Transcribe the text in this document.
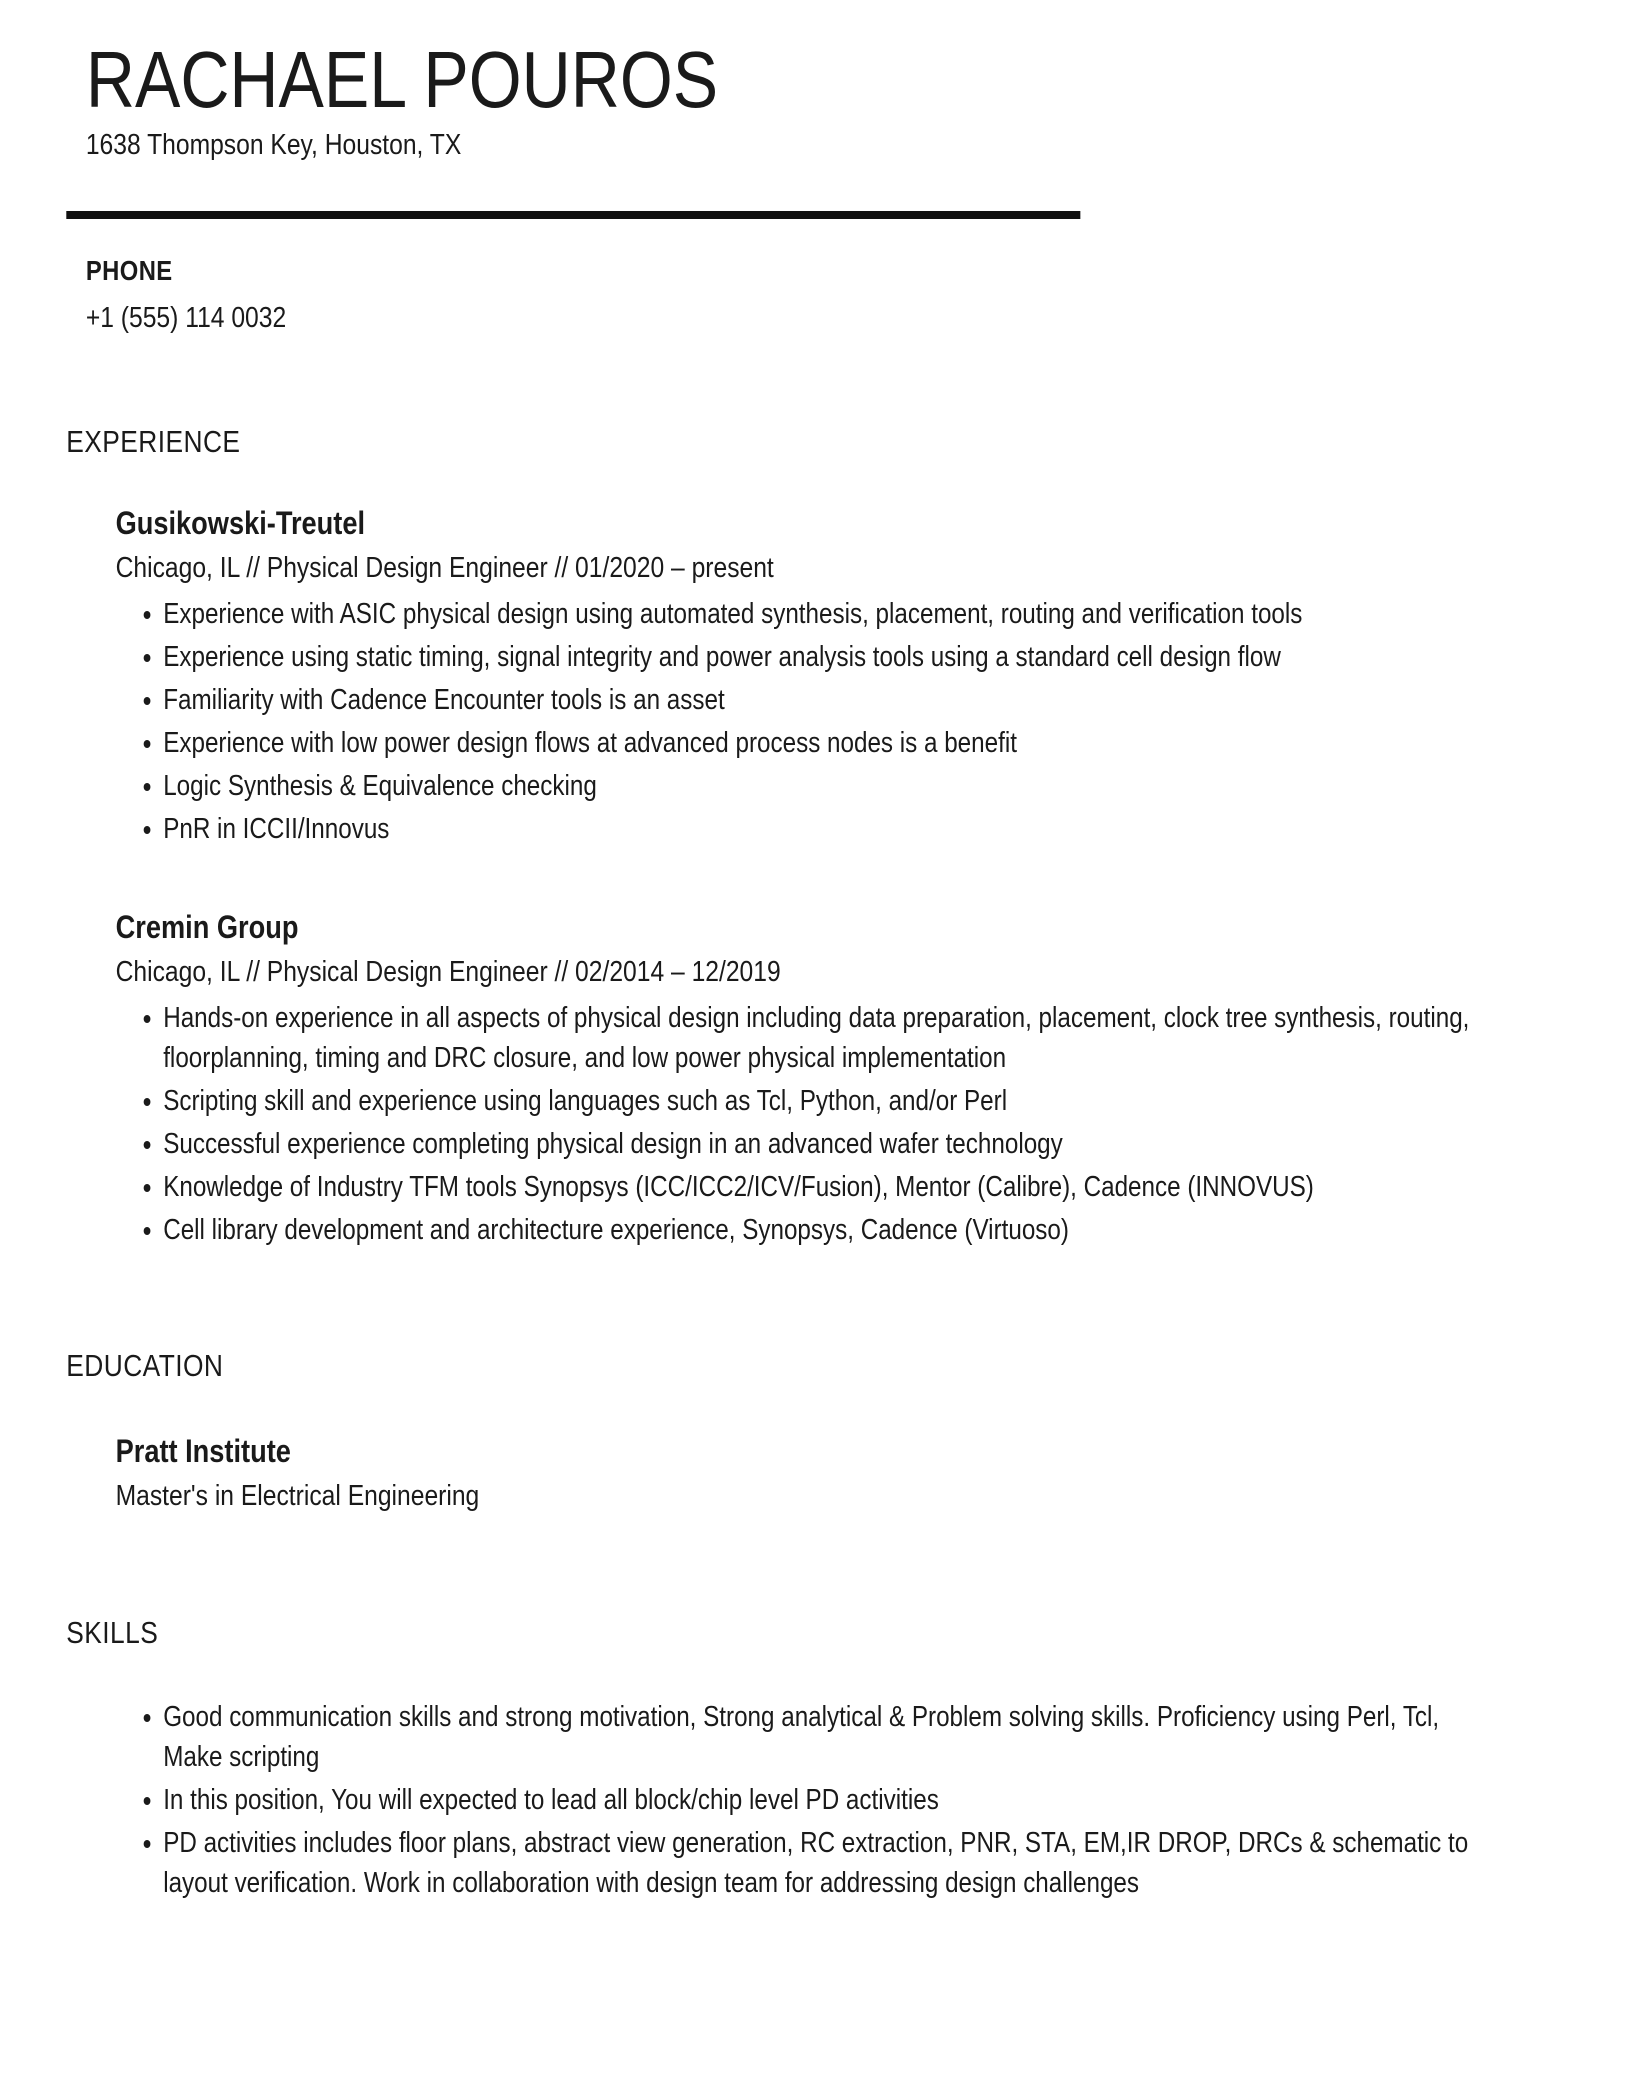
RACHAEL POUROS

1638 Thompson Key, Houston, TX

PHONE

+1 (555) 114 0032

EXPERIENCE
Gusikowski-Treutel

Chicago, IL // Physical Design Engineer // 01/2020 – present

• Experience with ASIC physical design using automated synthesis, placement, routing and verification tools
• Experience using static timing, signal integrity and power analysis tools using a standard cell design flow
• Familiarity with Cadence Encounter tools is an asset
• Experience with low power design flows at advanced process nodes is a benefit
• Logic Synthesis & Equivalence checking
• PnR in ICCII/Innovus
Cremin Group

Chicago, IL // Physical Design Engineer // 02/2014 – 12/2019

• Hands-on experience in all aspects of physical design including data preparation, placement, clock tree synthesis, routing, floorplanning, timing and DRC closure, and low power physical implementation
• Scripting skill and experience using languages such as Tcl, Python, and/or Perl
• Successful experience completing physical design in an advanced wafer technology
• Knowledge of Industry TFM tools Synopsys (ICC/ICC2/ICV/Fusion), Mentor (Calibre), Cadence (INNOVUS)
• Cell library development and architecture experience, Synopsys, Cadence (Virtuoso)
EDUCATION
Pratt Institute

Master's in Electrical Engineering

SKILLS
• Good communication skills and strong motivation, Strong analytical & Problem solving skills. Proficiency using Perl, Tcl, Make scripting
• In this position, You will expected to lead all block/chip level PD activities
• PD activities includes floor plans, abstract view generation, RC extraction, PNR, STA, EM,IR DROP, DRCs & schematic to layout verification. Work in collaboration with design team for addressing design challenges
